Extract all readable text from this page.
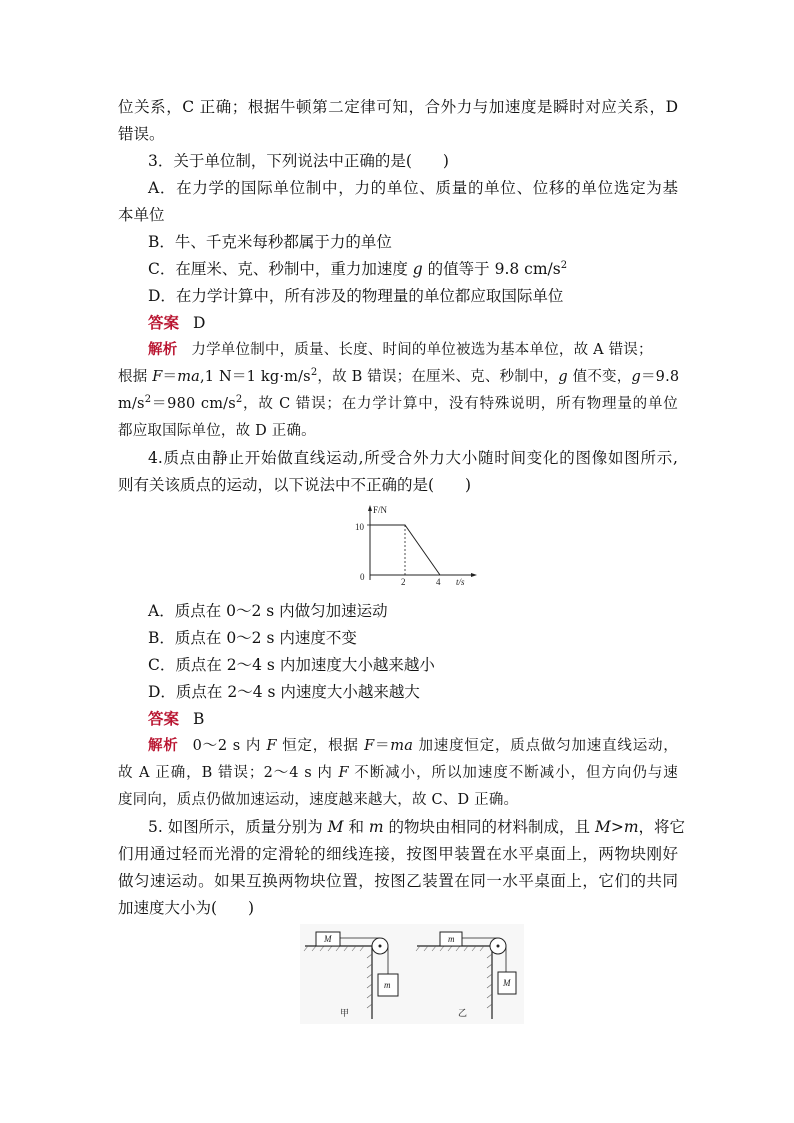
位关系，C 正确；根据牛顿第二定律可知，合外力与加速度是瞬时对应关系，D
错误。
3．关于单位制，下列说法中正确的是(　　)
A．在力学的国际单位制中，力的单位、质量的单位、位移的单位选定为基
本单位
B．牛、千克米每秒都属于力的单位
C．在厘米、克、秒制中，重力加速度 g 的值等于 9.8 $cm/s^2$
D．在力学计算中，所有涉及的物理量的单位都应取国际单位
答案 D
解析 力学单位制中，质量、长度、时间的单位被选为基本单位，故 A 错误；
根据 F＝ma,1 N＝1 $kg\cdot m/s^2$，故 B 错误；在厘米、克、秒制中，g 值不变，g＝9.8
$m/s^2=980$ $cm/s^2$，故 C 错误；在力学计算中，没有特殊说明，所有物理量的单位
都应取国际单位，故 D 正确。
4.质点由静止开始做直线运动,所受合外力大小随时间变化的图像如图所示,
则有关该质点的运动，以下说法中不正确的是(　　)
F/N
10
0	2	4 t/s
A．质点在 0～2 s 内做匀加速运动
B．质点在 0～2 s 内速度不变
C．质点在 2～4 s 内加速度大小越来越小
D．质点在 2～4 s 内速度大小越来越大
答案 B
解析 0～2 s 内 F 恒定，根据 F＝ma 加速度恒定，质点做匀加速直线运动，
故 A 正确，B 错误；2～4 s 内 F 不断减小，所以加速度不断减小，但方向仍与速
度同向，质点仍做加速运动，速度越来越大，故 C、D 正确。
5. 如图所示，质量分别为 M 和 m 的物块由相同的材料制成，且 M>m，将它
们用通过轻而光滑的定滑轮的细线连接，按图甲装置在水平桌面上，两物块刚好
做匀速运动。如果互换两物块位置，按图乙装置在同一水平桌面上，它们的共同
加速度大小为(　　)
M
m
甲
m
M
乙
